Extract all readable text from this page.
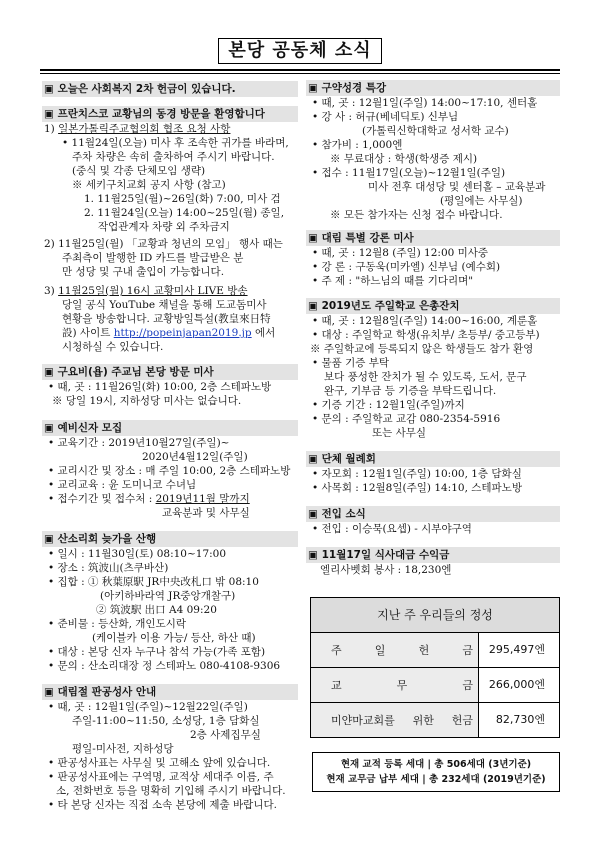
본당 공동체 소식
▣ 오늘은 사회복지 2차 헌금이 있습니다.
▣ 프란치스코 교황님의 동경 방문을 환영합니다
1) 일본가톨릭주교협의회 협조 요청 사항
• 11월24일(오늘) 미사 후 조속한 귀가를 바라며,
주차 차량은 속히 출차하여 주시기 바랍니다.
(중식 및 각종 단체모임 생략)
※ 세키구치교회 공지 사항 (참고)
1. 11월25일(월)~26일(화) 7:00, 미사 검
2. 11월24일(오늘) 14:00~25일(월) 종일,
작업관계자 차량 외 주차금지
2) 11월25일(월) 「교황과 청년의 모임」 행사 때는
주최측이 발행한 ID 카드를 발급받은 분
만 성당 및 구내 출입이 가능합니다.
3) 11월25일(월) 16시 교황미사 LIVE 방송
당일 공식 YouTube 채널을 통해 도교돔미사
현황을 방송합니다. 교황방일특설(教皇來日特
設) 사이트 http://popeinjapan2019.jp 에서
시청하실 수 있습니다.
▣ 구요비(욥) 주교님 본당 방문 미사
• 때, 곳 : 11월26일(화) 10:00, 2층 스테파노방
※ 당일 19시, 지하성당 미사는 없습니다.
▣ 예비신자 모집
• 교육기간 : 2019년10월27일(주일)~
2020년4월12일(주일)
• 교리시간 및 장소 : 매 주일 10:00, 2층 스테파노방
• 교리교육 : 윤 도미니코 수녀님
• 접수기간 및 접수처 : 2019년11월 말까지
교육분과 및 사무실
▣ 산소리회 늦가을 산행
• 일시 : 11월30일(토) 08:10~17:00
• 장소 : 筑波山(츠쿠바산)
• 집합 : ① 秋葉原駅 JR中央改札口 밖 08:10
(아키하바라역 JR중앙개찰구)
② 筑波駅 出口 A4 09:20
• 준비물 : 등산화, 개인도시락
(케이블카 이용 가능/ 등산, 하산 때)
• 대상 : 본당 신자 누구나 참석 가능(가족 포함)
• 문의 : 산소리대장 정 스테파노 080-4108-9306
▣ 대림절 판공성사 안내
• 때, 곳 : 12월1일(주일)~12월22일(주일)
주일-11:00~11:50, 소성당, 1층 담화실
2층 사제집무실
평일-미사전, 지하성당
• 판공성사표는 사무실 및 고해소 앞에 있습니다.
• 판공성사표에는 구역명, 교적상 세대주 이름, 주
소, 전화번호 등을 명확히 기입해 주시기 바랍니다.
• 타 본당 신자는 직접 소속 본당에 제출 바랍니다.
▣ 구약성경 특강
• 때, 곳 : 12월1일(주일) 14:00~17:10, 센터홀
• 강 사 : 허규(베네딕토) 신부님
(가톨릭신학대학교 성서학 교수)
• 참가비 : 1,000엔
※ 무료대상 : 학생(학생증 제시)
• 접수 : 11월17일(오늘)~12월1일(주일)
미사 전후 대성당 및 센터홀 – 교육분과
(평일에는 사무실)
※ 모든 참가자는 신청 접수 바랍니다.
▣ 대림 특별 강론 미사
• 때, 곳 : 12월8 (주일) 12:00 미사중
• 강 론 : 구동욱(미카엘) 신부님 (예수회)
• 주 제 : "하느님의 때를 기다리며"
▣ 2019년도 주일학교 은총잔치
• 때, 곳 : 12월8일(주일) 14:00~16:00, 계룬홀
• 대상 : 주일학교 학생(유치부/ 초등부/ 중고등부)
※ 주일학교에 등록되지 않은 학생들도 참가 환영
• 물품 기증 부탁
보다 풍성한 잔치가 될 수 있도록, 도서, 문구
완구, 기부금 등 기증을 부탁드립니다.
• 기증 기간 : 12월1일(주일)까지
• 문의 : 주일학교 교감 080-2354-5916
또는 사무실
▣ 단체 월례회
• 자모회 : 12월1일(주일) 10:00, 1층 담화실
• 사목회 : 12월8일(주일) 14:10, 스테파노방
▣ 전입 소식
• 전입 : 이승묵(요셉) - 시부야구역
▣ 11월17일 식사대금 수익금
엘리사벳회 봉사 : 18,230엔
지난 주 우리들의 정성
주 일 헌 금	295,497엔
교 무 금	266,000엔
미얀마교회를 위한 헌금	82,730엔
현재 교적 등록 세대 | 총 506세대 (3년기준)
현재 교무금 납부 세대 | 총 232세대 (2019년기준)
